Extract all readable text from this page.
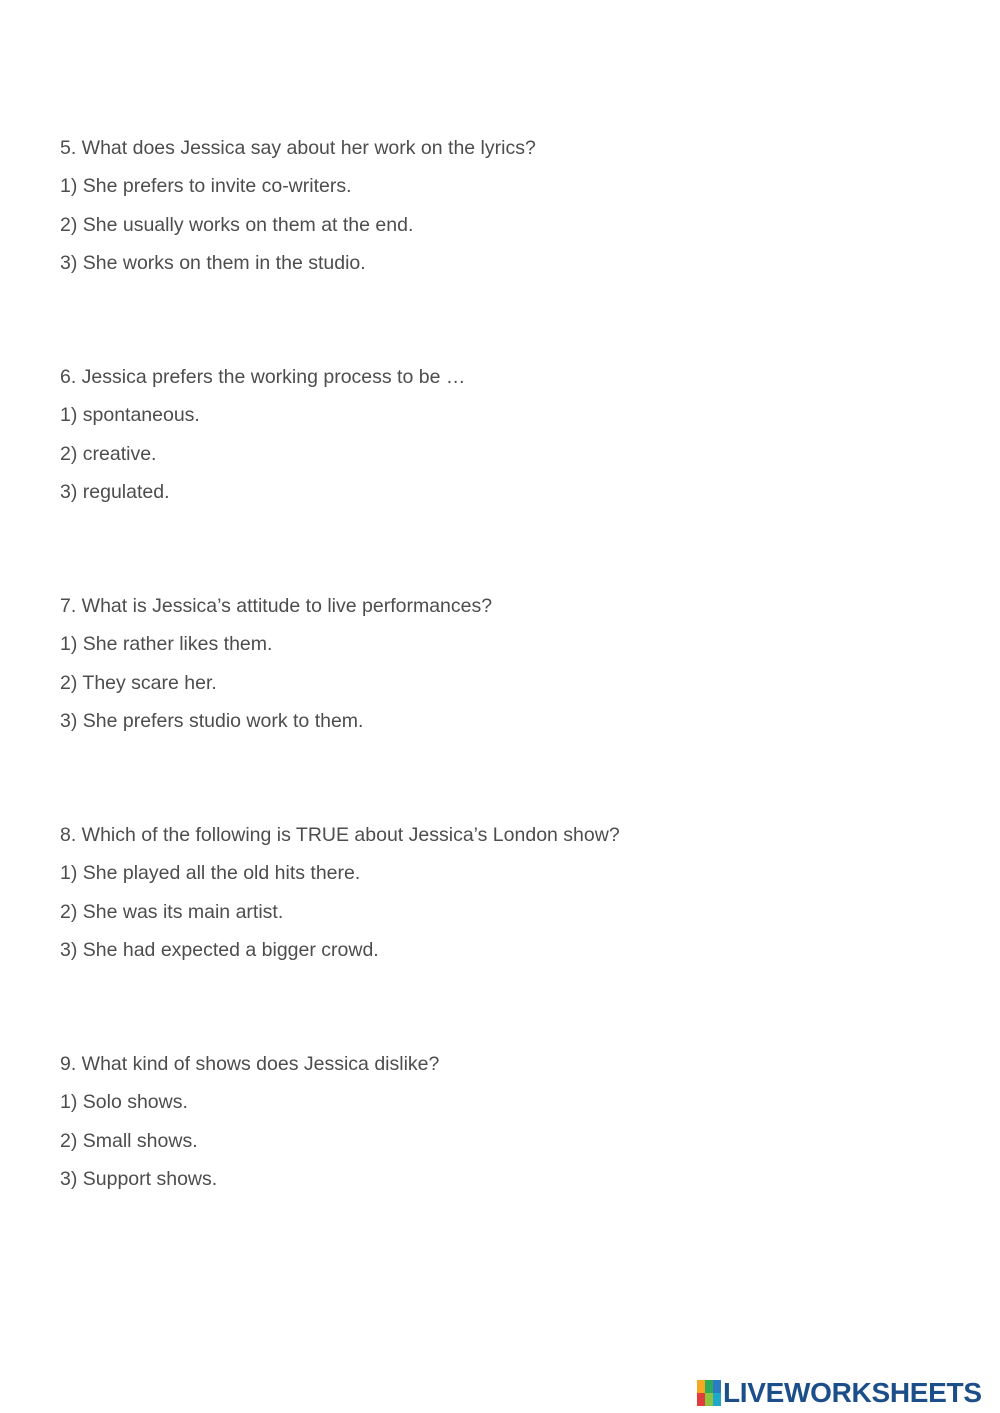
5. What does Jessica say about her work on the lyrics?
1) She prefers to invite co-writers.
2) She usually works on them at the end.
3) She works on them in the studio.
6. Jessica prefers the working process to be …
1) spontaneous.
2) creative.
3) regulated.
7. What is Jessica’s attitude to live performances?
1) She rather likes them.
2) They scare her.
3) She prefers studio work to them.
8. Which of the following is TRUE about Jessica’s London show?
1) She played all the old hits there.
2) She was its main artist.
3) She had expected a bigger crowd.
9. What kind of shows does Jessica dislike?
1) Solo shows.
2) Small shows.
3) Support shows.
LIVEWORKSHEETS
